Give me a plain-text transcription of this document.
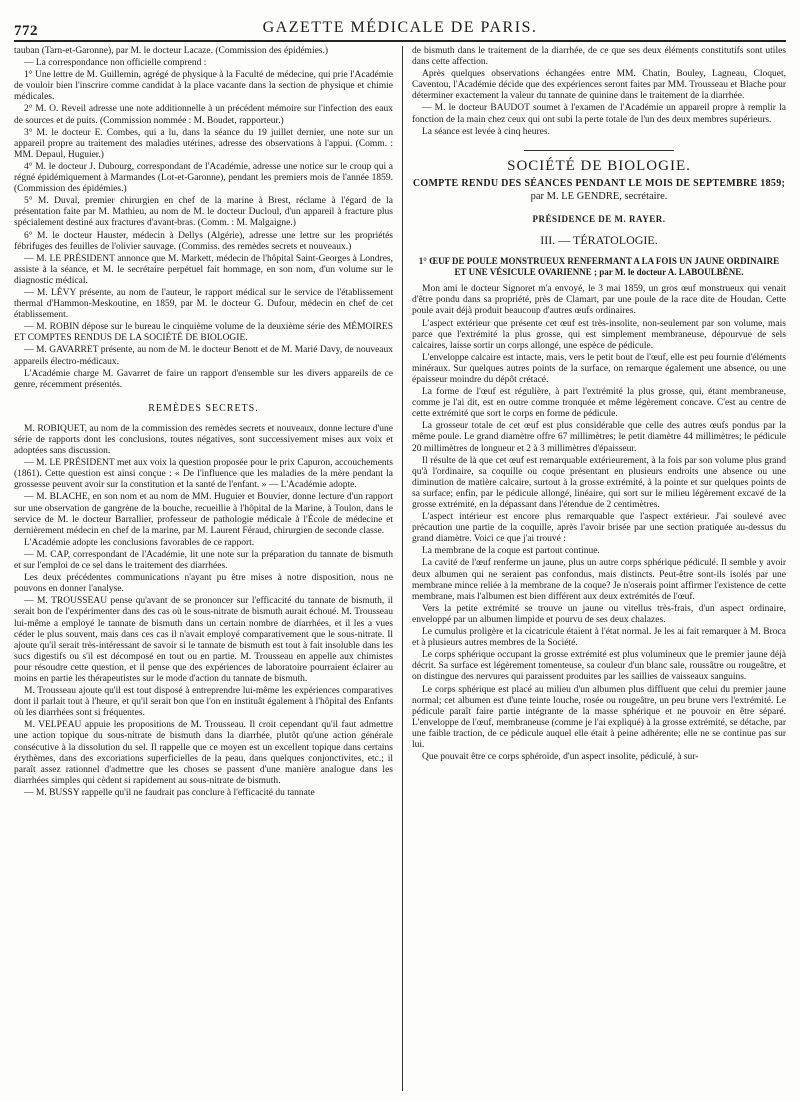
772	GAZETTE MÉDICALE DE PARIS.

tauban (Tarn-et-Garonne), par M. le docteur Lacaze. (Commission des épidémies.)

— La correspondance non officielle comprend :

1° Une lettre de M. Guillemin, agrégé de physique à la Faculté de médecine, qui prie l'Académie de vouloir bien l'inscrire comme candidat à la place vacante dans la section de physique et chimie médicales.

2° M. O. Reveil adresse une note additionnelle à un précédent mémoire sur l'infection des eaux de sources et de puits. (Commission nommée : M. Boudet, rapporteur.)

3° M. le docteur E. Combes, qui a lu, dans la séance du 19 juillet dernier, une note sur un appareil propre au traitement des maladies utérines, adresse des observations à l'appui. (Comm. : MM. Depaul, Huguier.)

4° M. le docteur J. Dubourg, correspondant de l'Académie, adresse une notice sur le croup qui a régné épidémiquement à Marmandes (Lot-et-Garonne), pendant les premiers mois de l'année 1859. (Commission des épidémies.)

5° M. Duval, premier chirurgien en chef de la marine à Brest, réclame à l'égard de la présentation faite par M. Mathieu, au nom de M. le docteur Ducloul, d'un appareil à fracture plus spécialement destiné aux fractures d'avant-bras. (Comm. : M. Malgaigne.)

6° M. le docteur Hauster, médecin à Dellys (Algérie), adresse une lettre sur les propriétés fébrifuges des feuilles de l'olivier sauvage. (Commiss. des remèdes secrets et nouveaux.)

— M. LE PRÉSIDENT annonce que M. Markett, médecin de l'hôpital Saint-Georges à Londres, assiste à la séance, et M. le secrétaire perpétuel fait hommage, en son nom, d'un volume sur le diagnostic médical.

— M. LÉVY présente, au nom de l'auteur, le rapport médical sur le service de l'établissement thermal d'Hammon-Meskoutine, en 1859, par M. le docteur G. Dufour, médecin en chef de cet établissement.

— M. ROBIN dépose sur le bureau le cinquième volume de la deuxième série des MÉMOIRES ET COMPTES RENDUS DE LA SOCIÉTÉ DE BIOLOGIE.

— M. GAVARRET présente, au nom de M. le docteur Benott et de M. Marié Davy, de nouveaux appareils électro-médicaux.

L'Académie charge M. Gavarret de faire un rapport d'ensemble sur les divers appareils de ce genre, récemment présentés.

REMÈDES SECRETS.

M. ROBIQUET, au nom de la commission des remèdes secrets et nouveaux, donne lecture d'une série de rapports dont les conclusions, toutes négatives, sont successivement mises aux voix et adoptées sans discussion.

— M. LE PRÉSIDENT met aux voix la question proposée pour le prix Capuron, accouchements (1861). Cette question est ainsi conçue : « De l'influence que les maladies de la mère pendant la grossesse peuvent avoir sur la constitution et la santé de l'enfant. » — L'Académie adopte.

— M. BLACHE, en son nom et au nom de MM. Huguier et Bouvier, donne lecture d'un rapport sur une observation de gangrène de la bouche, recueillie à l'hôpital de la Marine, à Toulon, dans le service de M. le docteur Barrallier, professeur de pathologie médicale à l'École de médecine et dernièrement médecin en chef de la marine, par M. Laurent Féraud, chirurgien de seconde classe.

L'Académie adopte les conclusions favorables de ce rapport.

— M. CAP, correspondant de l'Académie, lit une note sur la préparation du tannate de bismuth et sur l'emploi de ce sel dans le traitement des diarrhées.

Les deux précédentes communications n'ayant pu être mises à notre disposition, nous ne pouvons en donner l'analyse.

— M. TROUSSEAU pense qu'avant de se prononcer sur l'efficacité du tannate de bismuth, il serait bon de l'expérimenter dans des cas où le sous-nitrate de bismuth aurait échoué. M. Trousseau lui-même a employé le tannate de bismuth dans un certain nombre de diarrhées, et il les a vues céder le plus souvent, mais dans ces cas il n'avait employé comparativement que le sous-nitrate. Il ajoute qu'il serait très-intéressant de savoir si le tannate de bismuth est tout à fait insoluble dans les sucs digestifs ou s'il est décomposé en tout ou en partie. M. Trousseau en appelle aux chimistes pour résoudre cette question, et il pense que des expériences de laboratoire pourraient éclairer au moins en partie les thérapeutistes sur le mode d'action du tannate de bismuth.

M. Trousseau ajoute qu'il est tout disposé à entreprendre lui-même les expériences comparatives dont il parlait tout à l'heure, et qu'il serait bon que l'on en instituât également à l'hôpital des Enfants où les diarrhées sont si fréquentes.

M. VELPEAU appuie les propositions de M. Trousseau. Il croit cependant qu'il faut admettre une action topique du sous-nitrate de bismuth dans la diarrhée, plutôt qu'une action générale consécutive à la dissolution du sel. Il rappelle que ce moyen est un excellent topique dans certains érythèmes, dans des excoriations superficielles de la peau, dans quelques conjonctivites, etc.; il paraît assez rationnel d'admettre que les choses se passent d'une manière analogue dans les diarrhées simples qui cèdent si rapidement au sous-nitrate de bismuth.

— M. BUSSY rappelle qu'il ne faudrait pas conclure à l'efficacité du tannate

de bismuth dans le traitement de la diarrhée, de ce que ses deux éléments constitutifs sont utiles dans cette affection.

Après quelques observations échangées entre MM. Chatin, Bouley, Lagneau, Cloquet, Caventou, l'Académie décide que des expériences seront faites par MM. Trousseau et Blache pour déterminer exactement la valeur du tannate de quinine dans le traitement de la diarrhée.

— M. le docteur BAUDOT soumet à l'examen de l'Académie un appareil propre à remplir la fonction de la main chez ceux qui ont subi la perte totale de l'un des deux membres supérieurs.

La séance est levée à cinq heures.

SOCIÉTÉ DE BIOLOGIE.
COMPTE RENDU DES SÉANCES PENDANT LE MOIS DE SEPTEMBRE 1859;
par M. LE GENDRE, secrétaire.
PRÉSIDENCE DE M. RAYER.
III. — TÉRATOLOGIE.
1° ŒUF DE POULE MONSTRUEUX RENFERMANT A LA FOIS UN JAUNE ORDINAIRE ET UNE VÉSICULE OVARIENNE ; par M. le docteur A. LABOULBÈNE.

Mon ami le docteur Signoret m'a envoyé, le 3 mai 1859, un gros œuf monstrueux qui venait d'être pondu dans sa propriété, près de Clamart, par une poule de la race dite de Houdan. Cette poule avait déjà produit beaucoup d'autres œufs ordinaires.

L'aspect extérieur que présente cet œuf est très-insolite, non-seulement par son volume, mais parce que l'extrémité la plus grosse, qui est simplement membraneuse, dépourvue de sels calcaires, laisse sortir un corps allongé, une espèce de pédicule.

L'enveloppe calcaire est intacte, mais, vers le petit bout de l'œuf, elle est peu fournie d'éléments minéraux. Sur quelques autres points de la surface, on remarque également une absence, ou une épaisseur moindre du dépôt crétacé.

La forme de l'œuf est régulière, à part l'extrémité la plus grosse, qui, étant membraneuse, comme je l'ai dit, est en outre comme tronquée et même légèrement concave. C'est au centre de cette extrémité que sort le corps en forme de pédicule.

La grosseur totale de cet œuf est plus considérable que celle des autres œufs pondus par la même poule. Le grand diamètre offre 67 millimètres; le petit diamètre 44 millimètres; le pédicule 20 millimètres de longueur et 2 à 3 millimètres d'épaisseur.

Il résulte de là que cet œuf est remarquable extérieurement, à la fois par son volume plus grand qu'à l'ordinaire, sa coquille ou coque présentant en plusieurs endroits une absence ou une diminution de matière calcaire, surtout à la grosse extrémité, à la pointe et sur quelques points de sa surface; enfin, par le pédicule allongé, linéaire, qui sort sur le milieu légèrement excavé de la grosse extrémité, en la dépassant dans l'étendue de 2 centimètres.

L'aspect intérieur est encore plus remarquable que l'aspect extérieur. J'ai soulevé avec précaution une partie de la coquille, après l'avoir brisée par une section pratiquée au-dessus du grand diamètre. Voici ce que j'ai trouvé :

La membrane de la coque est partout continue.

La cavité de l'œuf renferme un jaune, plus un autre corps sphérique pédiculé. Il semble y avoir deux albumen qui ne seraient pas confondus, mais distincts. Peut-être sont-ils isolés par une membrane mince reliée à la membrane de la coque? Je n'oserais point affirmer l'existence de cette membrane, mais l'albumen est bien différent aux deux extrémités de l'œuf.

Vers la petite extrémité se trouve un jaune ou vitellus très-frais, d'un aspect ordinaire, enveloppé par un albumen limpide et pourvu de ses deux chalazes.

Le cumulus proligère et la cicatricule étaient à l'état normal. Je les ai fait remarquer à M. Broca et à plusieurs autres membres de la Société.

Le corps sphérique occupant la grosse extrémité est plus volumineux que le premier jaune déjà décrit. Sa surface est légèrement tomenteuse, sa couleur d'un blanc sale, roussâtre ou rougeâtre, et on distingue des nervures qui paraissent produites par les saillies de vaisseaux sanguins.

Le corps sphérique est placé au milieu d'un albumen plus diffluent que celui du premier jaune normal; cet albumen est d'une teinte louche, rosée ou rougeâtre, un peu brune vers l'extrémité. Le pédicule paraît faire partie intégrante de la masse sphérique et ne pouvoir en être séparé. L'enveloppe de l'œuf, membraneuse (comme je l'ai expliqué) à la grosse extrémité, se détache, par une faible traction, de ce pédicule auquel elle était à peine adhérente; elle ne se continue pas sur lui.

Que pouvait être ce corps sphéroïde, d'un aspect insolite, pédiculé, à sur-
